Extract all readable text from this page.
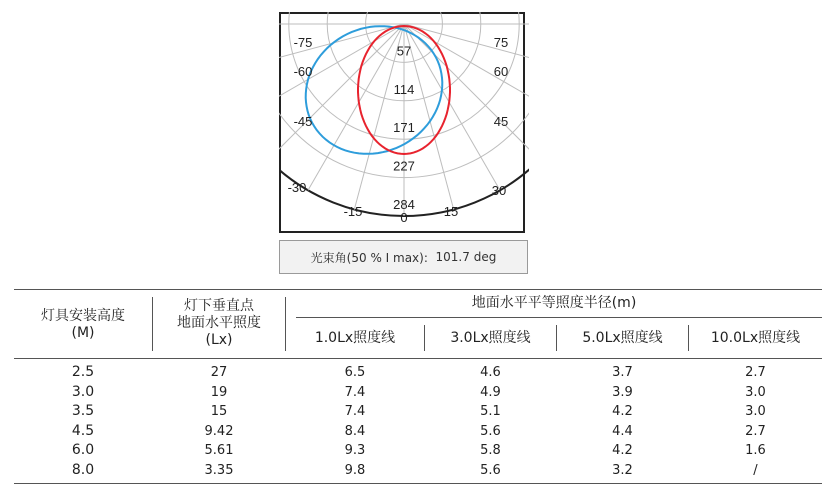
-75	75
-60	60
-45	45
-30	30
-15	15
0
57
114
171
227
284
光束角(50 % I max):
101.7 deg
灯具安装高度
(M)
灯下垂直点
地面水平照度
(Lx)
地面水平平等照度半径(m)
1.0Lx照度线	3.0Lx照度线	5.0Lx照度线	10.0Lx照度线
2.5	27	6.5	4.6	3.7	2.7
3.0	19	7.4	4.9	3.9	3.0
3.5	15	7.4	5.1	4.2	3.0
4.5	9.42	8.4	5.6	4.4	2.7
6.0	5.61	9.3	5.8	4.2	1.6
8.0	3.35	9.8	5.6	3.2	/
